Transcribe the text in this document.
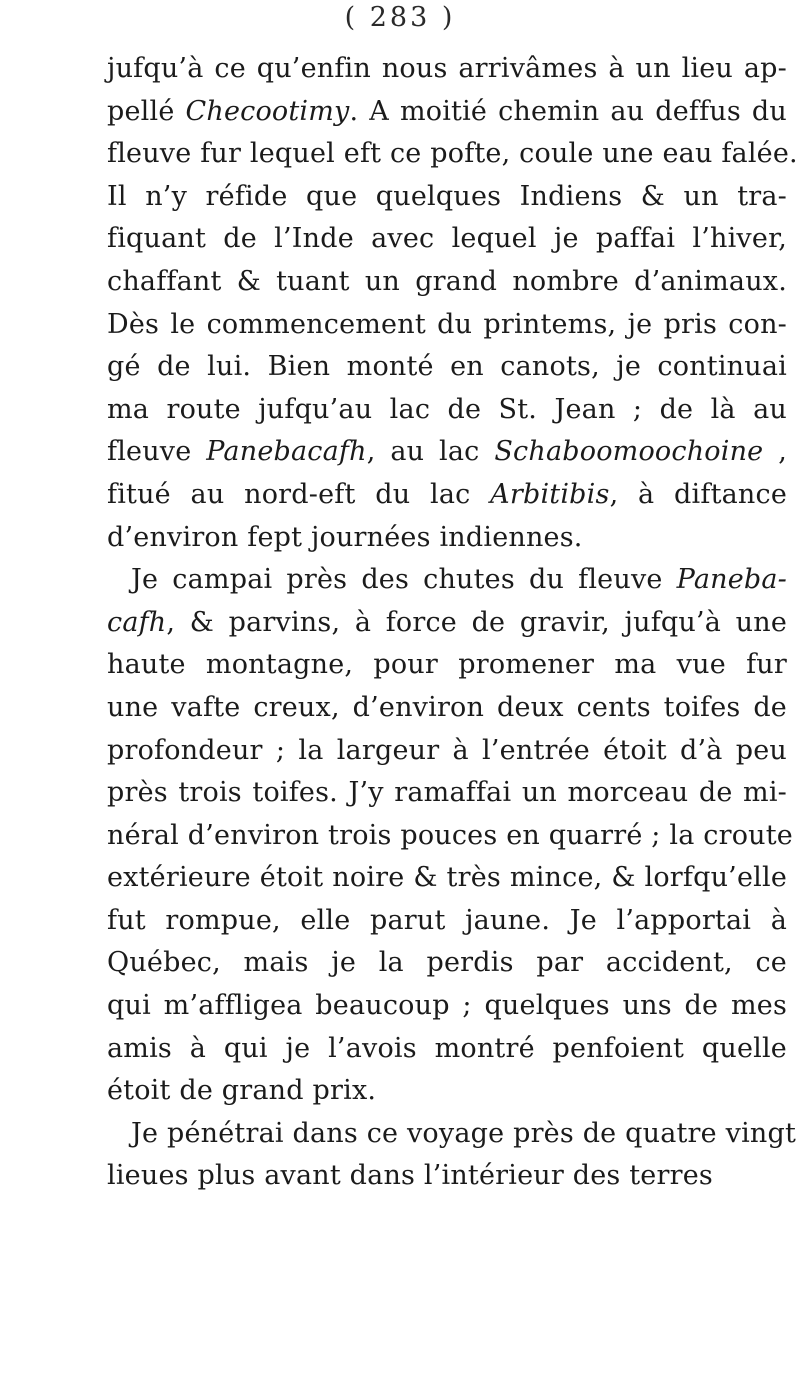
( 283 )
jufqu’à ce qu’enfin nous arrivâmes à un lieu ap-
pellé Checootimy. A moitié chemin au deffus du
fleuve fur lequel eft ce pofte, coule une eau falée.
Il n’y réfide que quelques Indiens & un tra-
fiquant de l’Inde avec lequel je paffai l’hiver,
chaffant & tuant un grand nombre d’animaux.
Dès le commencement du printems, je pris con-
gé de lui. Bien monté en canots, je continuai
ma route jufqu’au lac de St. Jean ; de là au
fleuve Panebacafh, au lac Schaboomoochoine ,
fitué au nord-eft du lac Arbitibis, à diftance
d’environ fept journées indiennes.
Je campai près des chutes du fleuve Paneba-
cafh, & parvins, à force de gravir, jufqu’à une
haute montagne, pour promener ma vue fur
une vafte creux, d’environ deux cents toifes de
profondeur ; la largeur à l’entrée étoit d’à peu
près trois toifes. J’y ramaffai un morceau de mi-
néral d’environ trois pouces en quarré ; la croute
extérieure étoit noire & très mince, & lorfqu’elle
fut rompue, elle parut jaune. Je l’apportai à
Québec, mais je la perdis par accident, ce
qui m’affligea beaucoup ; quelques uns de mes
amis à qui je l’avois montré penfoient quelle
étoit de grand prix.
Je pénétrai dans ce voyage près de quatre vingt
lieues plus avant dans l’intérieur des terres
